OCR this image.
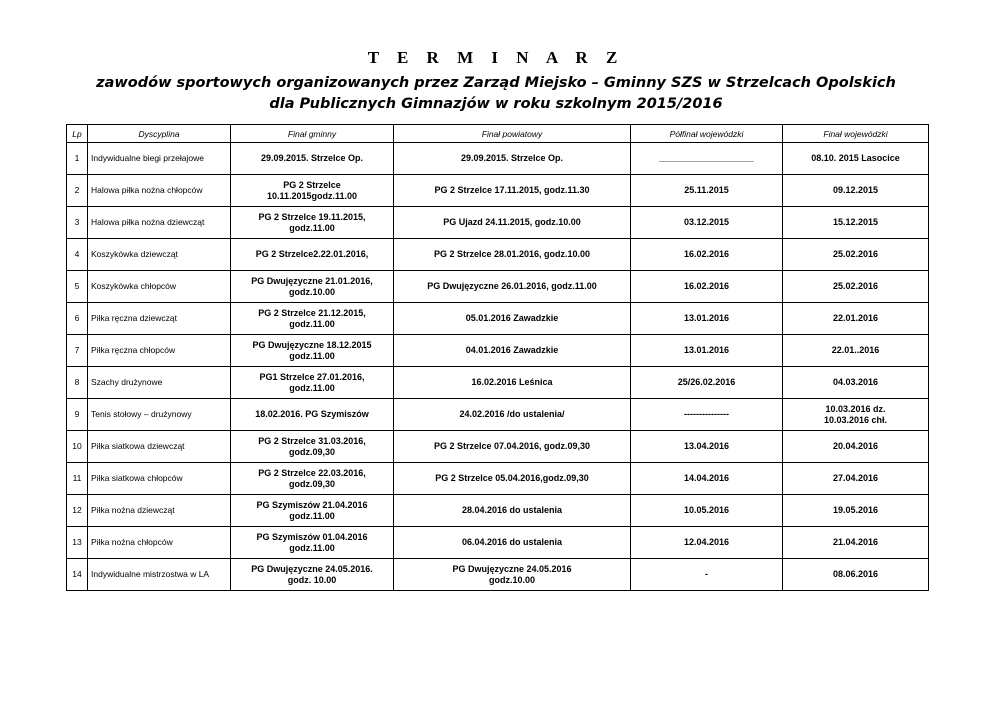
T E R M I N A R Z
zawodów sportowych organizowanych przez Zarząd Miejsko – Gminny SZS w Strzelcach Opolskich
dla Publicznych Gimnazjów w roku szkolnym 2015/2016
Lp	Dyscyplina	Finał gminny	Finał powiatowy	Półfinał wojewódzki	Finał wojewódzki
1	Indywidualne biegi przełajowe	29.09.2015. Strzelce Op.	29.09.2015. Strzelce Op.	___________________	08.10. 2015 Lasocice
2	Halowa piłka nożna chłopców	PG 2 Strzelce
10.11.2015godz.11.00	PG 2 Strzelce 17.11.2015, godz.11.30	25.11.2015	09.12.2015
3	Halowa piłka nożna dziewcząt	PG 2 Strzelce 19.11.2015,
godz.11.00	PG Ujazd 24.11.2015, godz.10.00	03.12.2015	15.12.2015
4	Koszykówka dziewcząt	PG 2 Strzelce2.22.01.2016,	PG 2 Strzelce 28.01.2016, godz.10.00	16.02.2016	25.02.2016
5	Koszykówka chłopców	PG Dwujęzyczne 21.01.2016,
godz.10.00	PG Dwujęzyczne 26.01.2016, godz.11.00	16.02.2016	25.02.2016
6	Piłka ręczna dziewcząt	PG 2 Strzelce 21.12.2015,
godz.11.00	05.01.2016 Zawadzkie	13.01.2016	22.01.2016
7	Piłka ręczna chłopców	PG Dwujęzyczne 18.12.2015
godz.11.00	04.01.2016 Zawadzkie	13.01.2016	22.01..2016
8	Szachy drużynowe	PG1 Strzelce 27.01.2016,
godz.11.00	16.02.2016 Leśnica	25/26.02.2016	04.03.2016
9	Tenis stołowy – drużynowy	18.02.2016. PG Szymiszów	24.02.2016 /do ustalenia/	---------------	10.03.2016 dz.
10.03.2016 chł.
10	Piłka siatkowa dziewcząt	PG 2 Strzelce 31.03.2016,
godz.09,30	PG 2 Strzelce 07.04.2016, godz.09,30	13.04.2016	20.04.2016
11	Piłka siatkowa chłopców	PG 2 Strzelce 22.03.2016,
godz.09,30	PG 2 Strzelce 05.04.2016,godz.09,30	14.04.2016	27.04.2016
12	Piłka nożna dziewcząt	PG Szymiszów 21.04.2016
godz.11.00	28.04.2016 do ustalenia	10.05.2016	19.05.2016
13	Piłka nożna chłopców	PG Szymiszów 01.04.2016
godz.11.00	06.04.2016 do ustalenia	12.04.2016	21.04.2016
14	Indywidualne mistrzostwa w LA	PG Dwujęzyczne 24.05.2016.
godz. 10.00	PG Dwujęzyczne 24.05.2016
godz.10.00	-	08.06.2016
